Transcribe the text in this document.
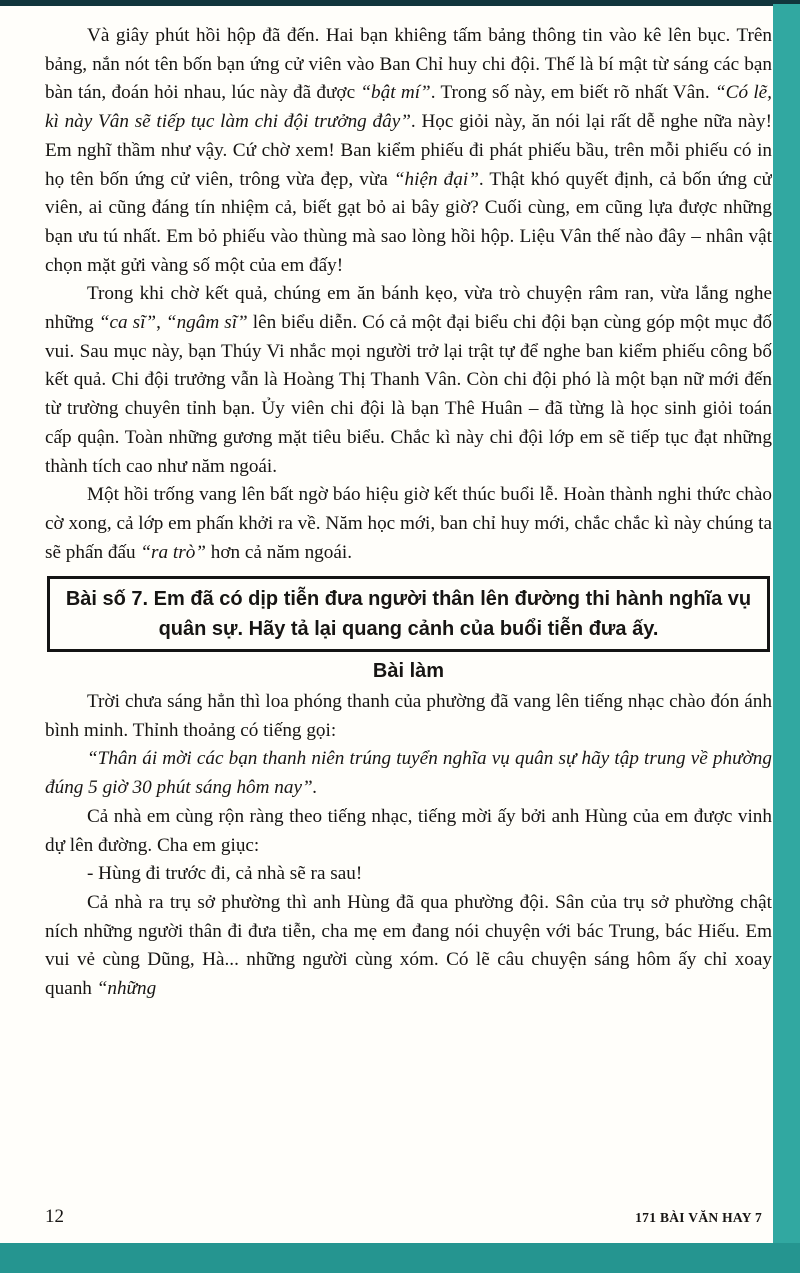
Và giây phút hồi hộp đã đến. Hai bạn khiêng tấm bảng thông tin vào kê lên bục. Trên bảng, nắn nót tên bốn bạn ứng cử viên vào Ban Chỉ huy chi đội. Thế là bí mật từ sáng các bạn bàn tán, đoán hỏi nhau, lúc này đã được “bật mí”. Trong số này, em biết rõ nhất Vân. “Có lẽ, kì này Vân sẽ tiếp tục làm chi đội trưởng đây”. Học giỏi này, ăn nói lại rất dễ nghe nữa này! Em nghĩ thầm như vậy. Cứ chờ xem! Ban kiểm phiếu đi phát phiếu bầu, trên mỗi phiếu có in họ tên bốn ứng cử viên, trông vừa đẹp, vừa “hiện đại”. Thật khó quyết định, cả bốn ứng cử viên, ai cũng đáng tín nhiệm cả, biết gạt bỏ ai bây giờ? Cuối cùng, em cũng lựa được những bạn ưu tú nhất. Em bỏ phiếu vào thùng mà sao lòng hồi hộp. Liệu Vân thế nào đây – nhân vật chọn mặt gửi vàng số một của em đấy!

Trong khi chờ kết quả, chúng em ăn bánh kẹo, vừa trò chuyện râm ran, vừa lắng nghe những “ca sĩ”, “ngâm sĩ” lên biểu diễn. Có cả một đại biểu chi đội bạn cùng góp một mục đố vui. Sau mục này, bạn Thúy Vi nhắc mọi người trở lại trật tự để nghe ban kiểm phiếu công bố kết quả. Chi đội trưởng vẫn là Hoàng Thị Thanh Vân. Còn chi đội phó là một bạn nữ mới đến từ trường chuyên tỉnh bạn. Ủy viên chi đội là bạn Thê Huân – đã từng là học sinh giỏi toán cấp quận. Toàn những gương mặt tiêu biểu. Chắc kì này chi đội lớp em sẽ tiếp tục đạt những thành tích cao như năm ngoái.

Một hồi trống vang lên bất ngờ báo hiệu giờ kết thúc buổi lễ. Hoàn thành nghi thức chào cờ xong, cả lớp em phấn khởi ra về. Năm học mới, ban chỉ huy mới, chắc chắc kì này chúng ta sẽ phấn đấu “ra trò” hơn cả năm ngoái.

Bài số 7. Em đã có dịp tiễn đưa người thân lên đường thi hành nghĩa vụ quân sự. Hãy tả lại quang cảnh của buổi tiễn đưa ấy.
Bài làm

Trời chưa sáng hẳn thì loa phóng thanh của phường đã vang lên tiếng nhạc chào đón ánh bình minh. Thỉnh thoảng có tiếng gọi:

“Thân ái mời các bạn thanh niên trúng tuyển nghĩa vụ quân sự hãy tập trung về phường đúng 5 giờ 30 phút sáng hôm nay”.

Cả nhà em cùng rộn ràng theo tiếng nhạc, tiếng mời ấy bởi anh Hùng của em được vinh dự lên đường. Cha em giục:

- Hùng đi trước đi, cả nhà sẽ ra sau!

Cả nhà ra trụ sở phường thì anh Hùng đã qua phường đội. Sân của trụ sở phường chật ních những người thân đi đưa tiễn, cha mẹ em đang nói chuyện với bác Trung, bác Hiếu. Em vui vẻ cùng Dũng, Hà... những người cùng xóm. Có lẽ câu chuyện sáng hôm ấy chỉ xoay quanh “những

12	171 BÀI VĂN HAY 7
